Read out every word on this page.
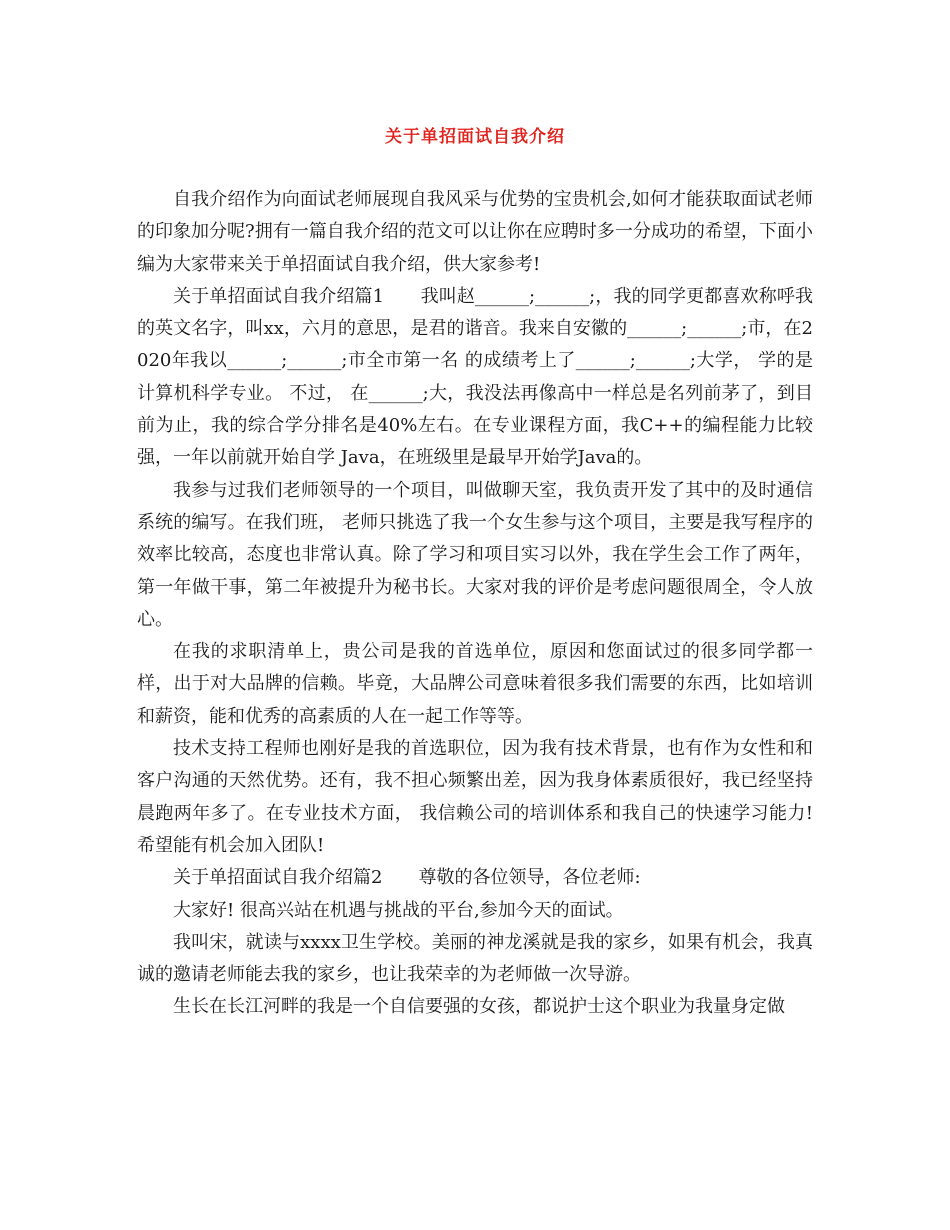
关于单招面试自我介绍

自我介绍作为向面试老师展现自我风采与优势的宝贵机会,如何才能获取面试老师的印象加分呢?拥有一篇自我介绍的范文可以让你在应聘时多一分成功的希望，下面小编为大家带来关于单招面试自我介绍，供大家参考!

关于单招面试自我介绍篇1　　我叫赵______;______;，我的同学更都喜欢称呼我的英文名字，叫xx，六月的意思，是君的谐音。我来自安徽的______;______;市，在2020年我以______;______;市全市第一名 的成绩考上了______;______;大学， 学的是计算机科学专业。 不过， 在______;大，我没法再像高中一样总是名列前茅了，到目前为止，我的综合学分排名是40%左右。在专业课程方面，我C++的编程能力比较强，一年以前就开始自学 Java，在班级里是最早开始学Java的。

我参与过我们老师领导的一个项目，叫做聊天室，我负责开发了其中的及时通信系统的编写。在我们班， 老师只挑选了我一个女生参与这个项目，主要是我写程序的效率比较高，态度也非常认真。除了学习和项目实习以外，我在学生会工作了两年，第一年做干事，第二年被提升为秘书长。大家对我的评价是考虑问题很周全，令人放心。

在我的求职清单上，贵公司是我的首选单位，原因和您面试过的很多同学都一样，出于对大品牌的信赖。毕竟，大品牌公司意味着很多我们需要的东西，比如培训和薪资，能和优秀的高素质的人在一起工作等等。

技术支持工程师也刚好是我的首选职位，因为我有技术背景，也有作为女性和和客户沟通的天然优势。还有，我不担心频繁出差，因为我身体素质很好，我已经坚持晨跑两年多了。在专业技术方面， 我信赖公司的培训体系和我自己的快速学习能力!希望能有机会加入团队!

关于单招面试自我介绍篇2　　尊敬的各位领导，各位老师:

大家好! 很高兴站在机遇与挑战的平台,参加今天的面试。

我叫宋，就读与xxxx卫生学校。美丽的神龙溪就是我的家乡，如果有机会，我真诚的邀请老师能去我的家乡，也让我荣幸的为老师做一次导游。

生长在长江河畔的我是一个自信要强的女孩，都说护士这个职业为我量身定做
